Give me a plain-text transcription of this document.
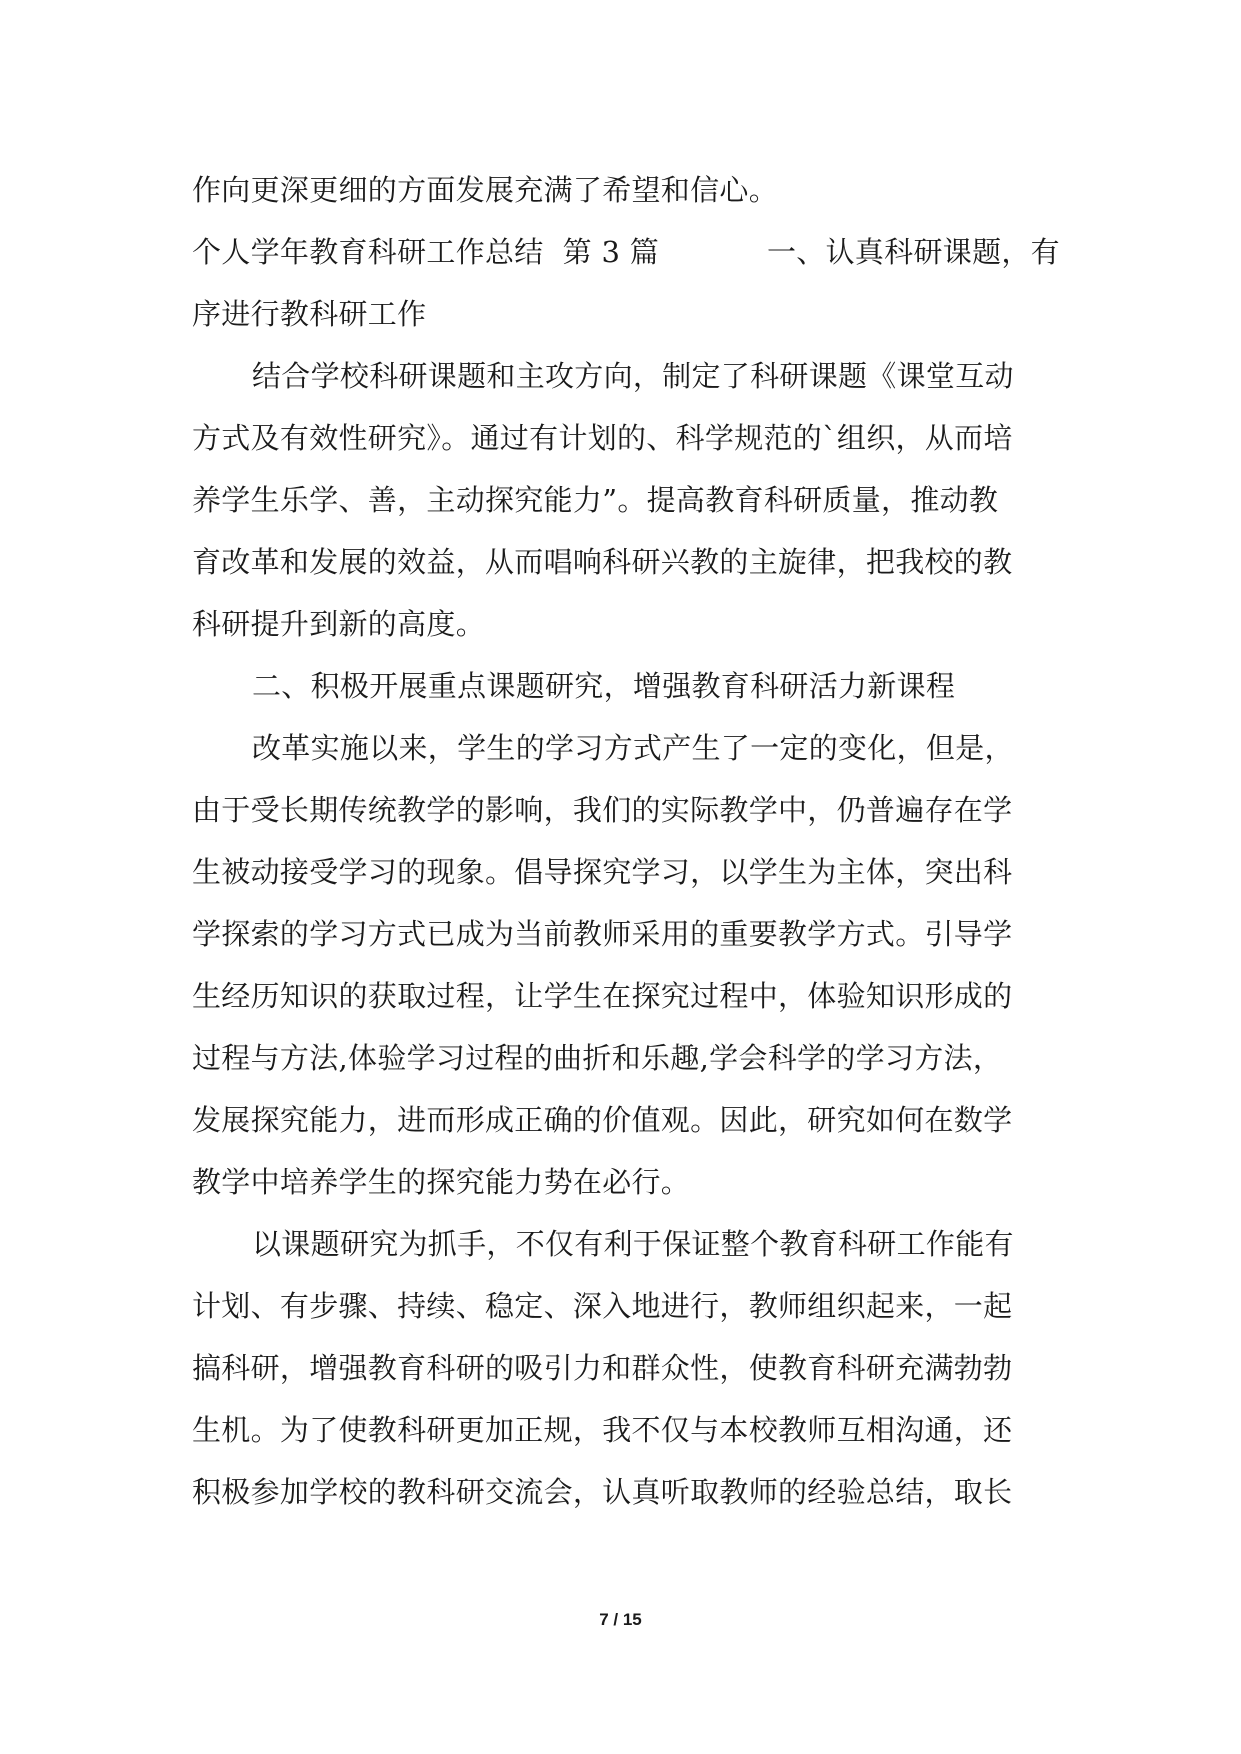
作向更深更细的方面发展充满了希望和信心。
个人学年教育科研工作总结  第 3 篇	一、认真科研课题，有
序进行教科研工作
结合学校科研课题和主攻方向，制定了科研课题《课堂互动
方式及有效性研究》。通过有计划的、科学规范的`组织，从而培
养学生乐学、善，主动探究能力”。提高教育科研质量，推动教
育改革和发展的效益，从而唱响科研兴教的主旋律，把我校的教
科研提升到新的高度。
二、积极开展重点课题研究，增强教育科研活力新课程
改革实施以来，学生的学习方式产生了一定的变化，但是，
由于受长期传统教学的影响，我们的实际教学中，仍普遍存在学
生被动接受学习的现象。倡导探究学习，以学生为主体，突出科
学探索的学习方式已成为当前教师采用的重要教学方式。引导学
生经历知识的获取过程，让学生在探究过程中，体验知识形成的
过程与方法,体验学习过程的曲折和乐趣,学会科学的学习方法，
发展探究能力，进而形成正确的价值观。因此，研究如何在数学
教学中培养学生的探究能力势在必行。
以课题研究为抓手，不仅有利于保证整个教育科研工作能有
计划、有步骤、持续、稳定、深入地进行，教师组织起来，一起
搞科研，增强教育科研的吸引力和群众性，使教育科研充满勃勃
生机。为了使教科研更加正规，我不仅与本校教师互相沟通，还
积极参加学校的教科研交流会，认真听取教师的经验总结，取长
7 / 15
